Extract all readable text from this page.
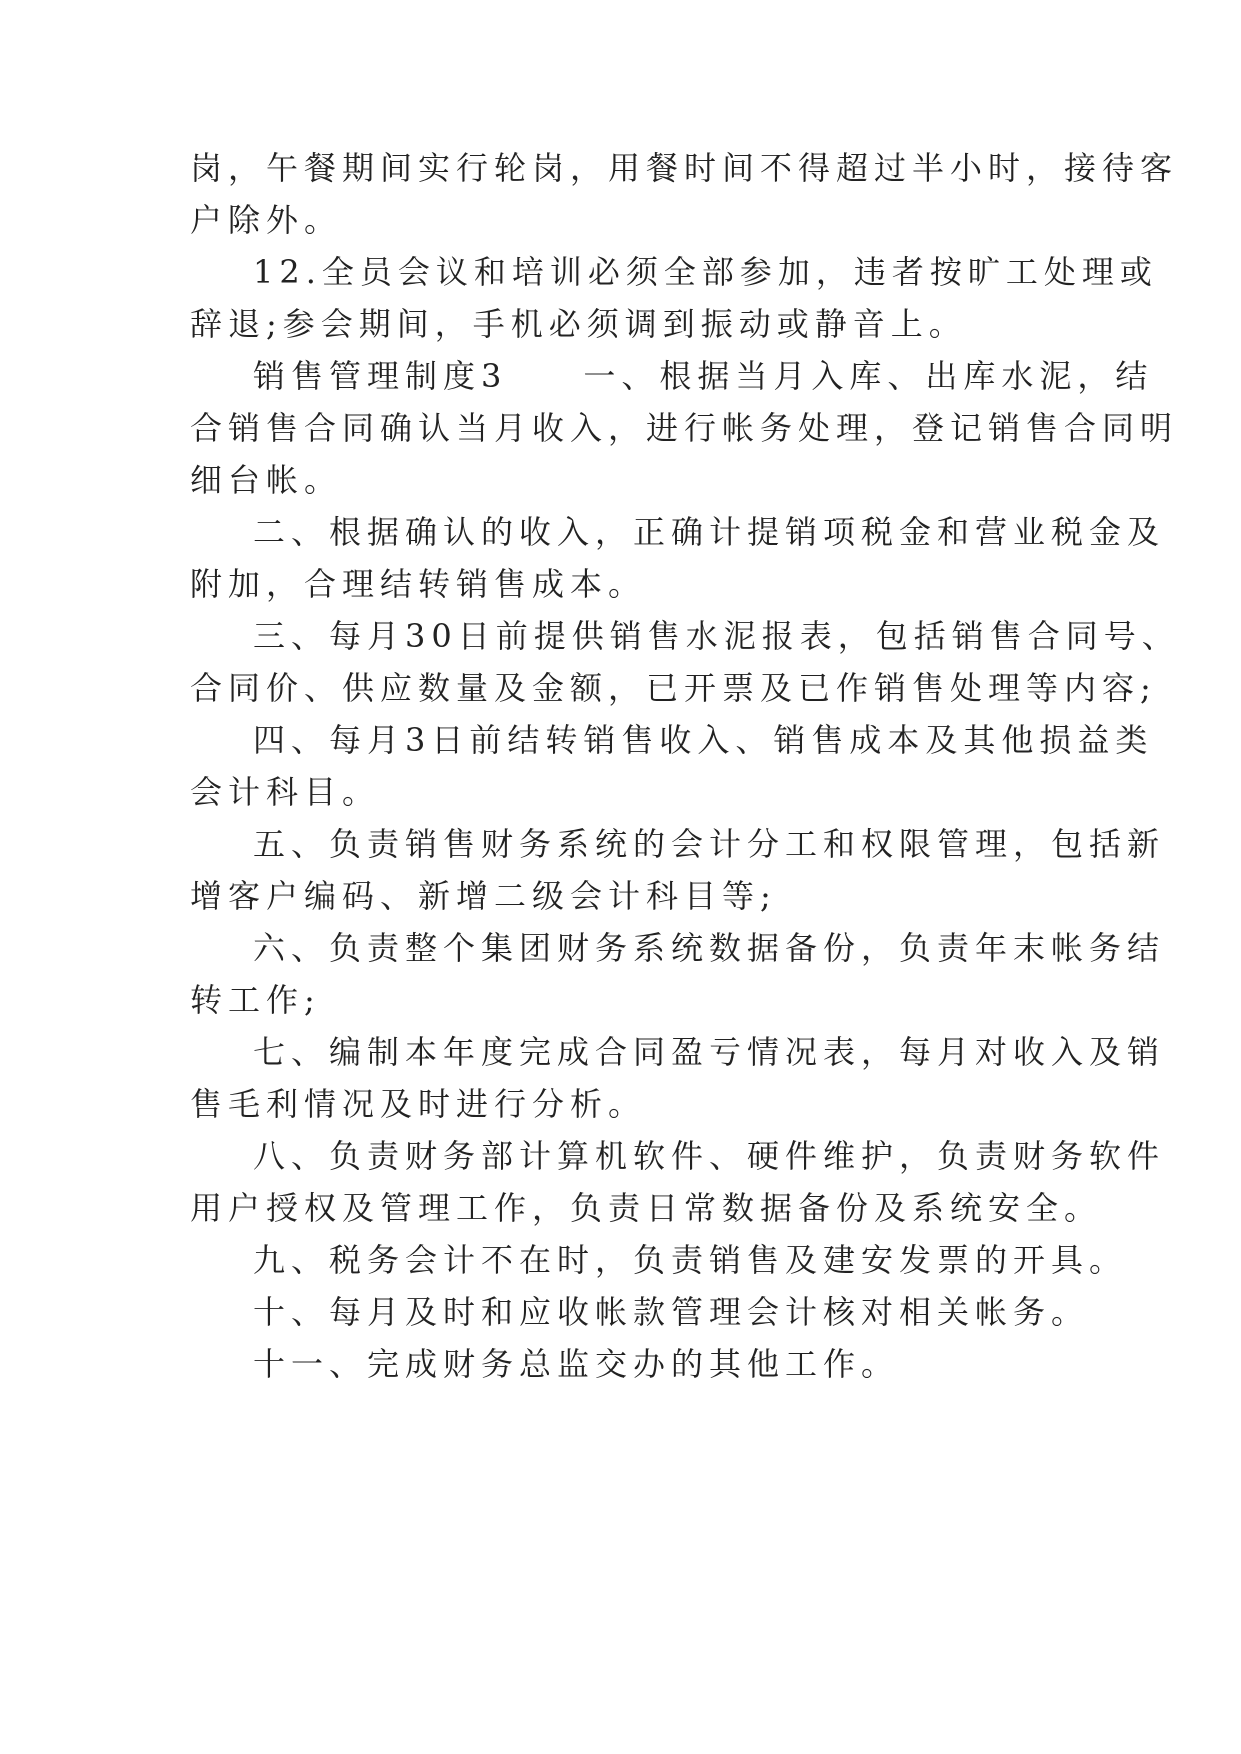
岗，午餐期间实行轮岗，用餐时间不得超过半小时，接待客
户除外。
12.全员会议和培训必须全部参加，违者按旷工处理或
辞退;参会期间，手机必须调到振动或静音上。
销售管理制度3　　一、根据当月入库、出库水泥，结
合销售合同确认当月收入，进行帐务处理，登记销售合同明
细台帐。
二、根据确认的收入，正确计提销项税金和营业税金及
附加，合理结转销售成本。
三、每月30日前提供销售水泥报表，包括销售合同号、
合同价、供应数量及金额，已开票及已作销售处理等内容;
四、每月3日前结转销售收入、销售成本及其他损益类
会计科目。
五、负责销售财务系统的会计分工和权限管理，包括新
增客户编码、新增二级会计科目等;
六、负责整个集团财务系统数据备份，负责年末帐务结
转工作;
七、编制本年度完成合同盈亏情况表，每月对收入及销
售毛利情况及时进行分析。
八、负责财务部计算机软件、硬件维护，负责财务软件
用户授权及管理工作，负责日常数据备份及系统安全。
九、税务会计不在时，负责销售及建安发票的开具。
十、每月及时和应收帐款管理会计核对相关帐务。
十一、完成财务总监交办的其他工作。
